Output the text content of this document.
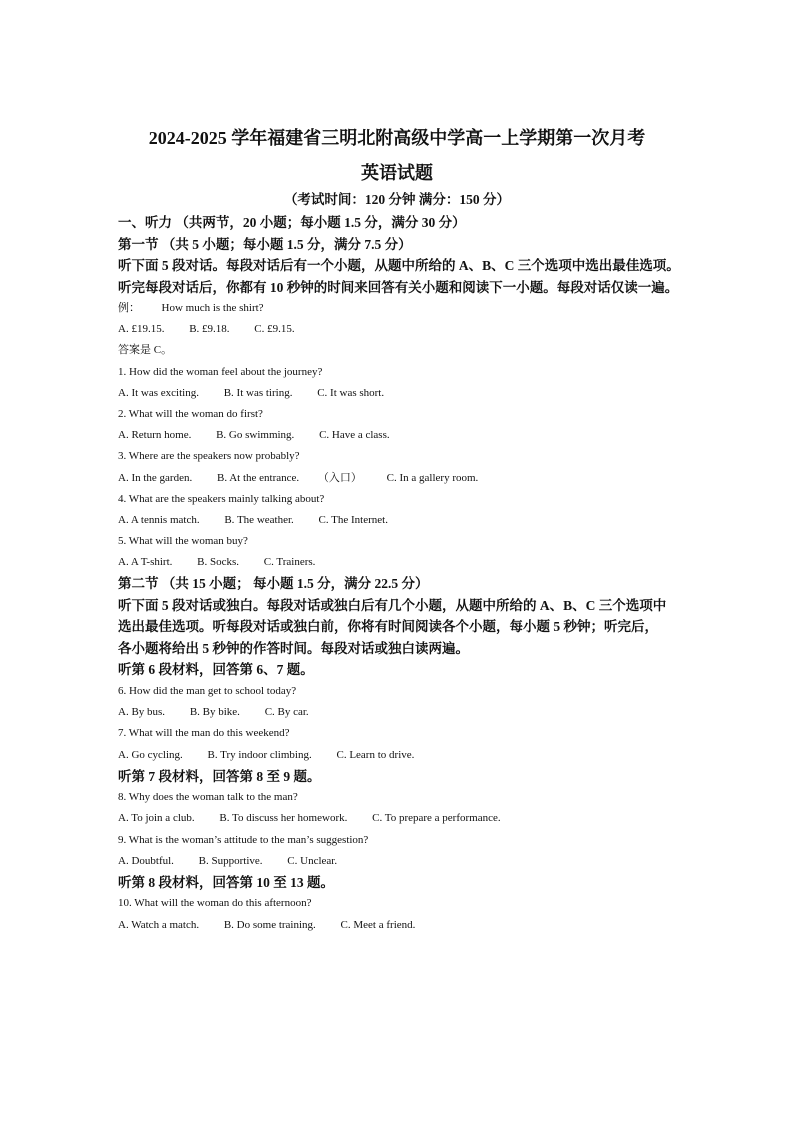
2024-2025 学年福建省三明北附高级中学高一上学期第一次月考
英语试题
（考试时间：120 分钟 满分：150 分）
一、听力 （共两节，20 小题；每小题 1.5 分，满分 30 分）
第一节 （共 5 小题；每小题 1.5 分，满分 7.5 分）
听下面 5 段对话。每段对话后有一个小题，从题中所给的 A、B、C 三个选项中选出最佳选项。
听完每段对话后，你都有 10 秒钟的时间来回答有关小题和阅读下一小题。每段对话仅读一遍。
例： How much is the shirt?
A. £19.15. B. £9.18. C. £9.15.
答案是 C。
1. How did the woman feel about the journey?
A. It was exciting. B. It was tiring. C. It was short.
2. What will the woman do first?
A. Return home. B. Go swimming. C. Have a class.
3. Where are the speakers now probably?
A. In the garden. B. At the entrance. （入口） C. In a gallery room.
4. What are the speakers mainly talking about?
A. A tennis match. B. The weather. C. The Internet.
5. What will the woman buy?
A. A T-shirt. B. Socks. C. Trainers.
第二节 （共 15 小题； 每小题 1.5 分，满分 22.5 分）
听下面 5 段对话或独白。每段对话或独白后有几个小题，从题中所给的 A、B、C 三个选项中
选出最佳选项。听每段对话或独白前，你将有时间阅读各个小题，每小题 5 秒钟；听完后，
各小题将给出 5 秒钟的作答时间。每段对话或独白读两遍。
听第 6 段材料，回答第 6、7 题。
6. How did the man get to school today?
A. By bus. B. By bike. C. By car.
7. What will the man do this weekend?
A. Go cycling. B. Try indoor climbing. C. Learn to drive.
听第 7 段材料，回答第 8 至 9 题。
8. Why does the woman talk to the man?
A. To join a club. B. To discuss her homework. C. To prepare a performance.
9. What is the woman’s attitude to the man’s suggestion?
A. Doubtful. B. Supportive. C. Unclear.
听第 8 段材料，回答第 10 至 13 题。
10. What will the woman do this afternoon?
A. Watch a match. B. Do some training. C. Meet a friend.
